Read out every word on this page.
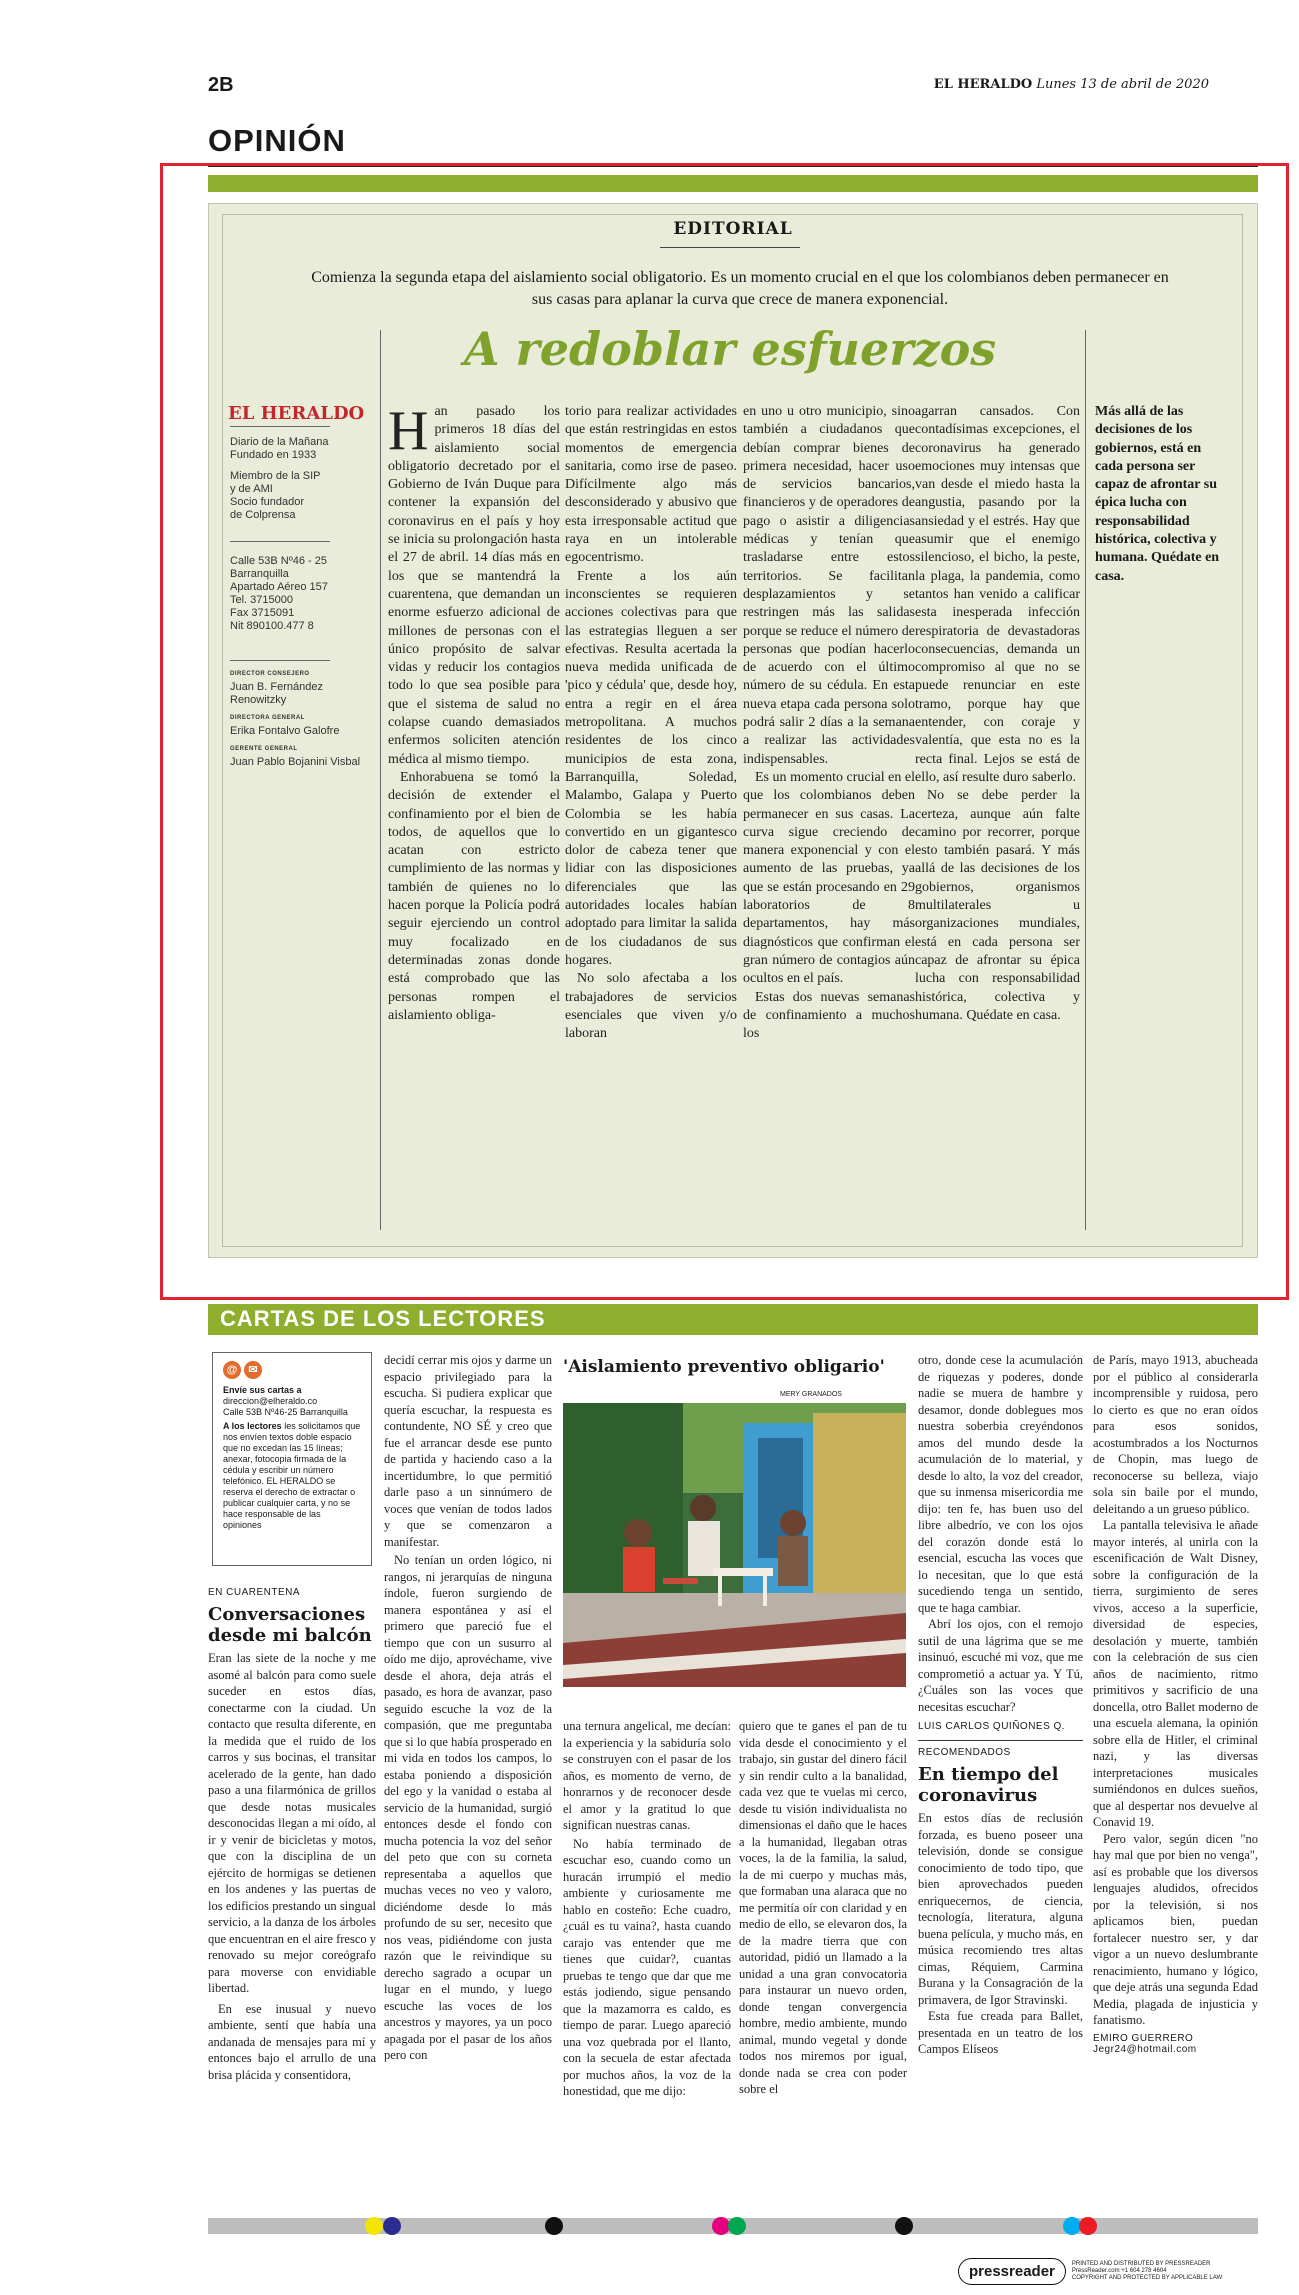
2B	EL HERALDO Lunes 13 de abril de 2020
OPINIÓN
EDITORIAL
Comienza la segunda etapa del aislamiento social obligatorio. Es un momento crucial en el que los colombianos deben permanecer en sus casas para aplanar la curva que crece de manera exponencial.
A redoblar esfuerzos
EL HERALDO
Diario de la Mañana
Fundado en 1933
Miembro de la SIP
y de AMI
Socio fundador
de Colprensa
Calle 53B Nº46 - 25
Barranquilla
Apartado Aéreo 157
Tel. 3715000
Fax 3715091
Nit 890100.477 8
DIRECTOR CONSEJERO
Juan B. Fernández Renowitzky
DIRECTORA GENERAL
Erika Fontalvo Galofre
GERENTE GENERAL
Juan Pablo Bojanini Visbal
Han pasado los primeros 18 días del aislamiento social obligatorio decretado por el Gobierno de Iván Duque para contener la expansión del coronavirus en el país y hoy se inicia su prolongación hasta el 27 de abril. 14 días más en los que se mantendrá la cuarentena, que demandan un enorme esfuerzo adicional de millones de personas con el único propósito de salvar vidas y reducir los contagios todo lo que sea posible para que el sistema de salud no colapse cuando demasiados enfermos soliciten atención médica al mismo tiempo.

Enhorabuena se tomó la decisión de extender el confinamiento por el bien de todos, de aquellos que lo acatan con estricto cumplimiento de las normas y también de quienes no lo hacen porque la Policía podrá seguir ejerciendo un control muy focalizado en determinadas zonas donde está comprobado que las personas rompen el aislamiento obliga-

torio para realizar actividades que están restringidas en estos momentos de emergencia sanitaria, como irse de paseo. Difícilmente algo más desconsiderado y abusivo que esta irresponsable actitud que raya en un intolerable egocentrismo.

Frente a los aún inconscientes se requieren acciones colectivas para que las estrategias lleguen a ser efectivas. Resulta acertada la nueva medida unificada de 'pico y cédula' que, desde hoy, entra a regir en el área metropolitana. A muchos residentes de los cinco municipios de esta zona, Barranquilla, Soledad, Malambo, Galapa y Puerto Colombia se les había convertido en un gigantesco dolor de cabeza tener que lidiar con las disposiciones diferenciales que las autoridades locales habían adoptado para limitar la salida de los ciudadanos de sus hogares.

No solo afectaba a los trabajadores de servicios esenciales que viven y/o laboran

en uno u otro municipio, sino también a ciudadanos que debían comprar bienes de primera necesidad, hacer uso de servicios bancarios, financieros y de operadores de pago o asistir a diligencias médicas y tenían que trasladarse entre estos territorios. Se facilitan desplazamientos y se restringen más las salidas porque se reduce el número de personas que podían hacerlo de acuerdo con el último número de su cédula. En esta nueva etapa cada persona solo podrá salir 2 días a la semana a realizar las actividades indispensables.

Es un momento crucial en el que los colombianos deben permanecer en sus casas. La curva sigue creciendo de manera exponencial y con el aumento de las pruebas, ya que se están procesando en 29 laboratorios de 8 departamentos, hay más diagnósticos que confirman el gran número de contagios aún ocultos en el país.

Estas dos nuevas semanas de confinamiento a muchos los

agarran cansados. Con contadísimas excepciones, el coronavirus ha generado emociones muy intensas que van desde el miedo hasta la angustia, pasando por la ansiedad y el estrés. Hay que asumir que el enemigo silencioso, el bicho, la peste, la plaga, la pandemia, como tantos han venido a calificar esta inesperada infección respiratoria de devastadoras consecuencias, demanda un compromiso al que no se puede renunciar en este tramo, porque hay que entender, con coraje y valentía, que esta no es la recta final. Lejos se está de ello, así resulte duro saberlo.

No se debe perder la certeza, aunque aún falte camino por recorrer, porque esto también pasará. Y más allá de las decisiones de los gobiernos, organismos multilaterales u organizaciones mundiales, está en cada persona ser capaz de afrontar su épica lucha con responsabilidad histórica, colectiva y humana. Quédate en casa.

Más allá de las decisiones de los gobiernos, está en cada persona ser capaz de afrontar su épica lucha con responsabilidad histórica, colectiva y humana. Quédate en casa.
CARTAS DE LOS LECTORES
@ ✉
Envíe sus cartas a
direccion@elheraldo.co
Calle 53B Nº46-25 Barranquilla
A los lectores les solicitamos que nos envíen textos doble espacio que no excedan las 15 líneas; anexar, fotocopia firmada de la cédula y escribir un número telefónico. EL HERALDO se reserva el derecho de extractar o publicar cualquier carta, y no se hace responsable de las opiniones
EN CUARENTENA
Conversaciones desde mi balcón

Eran las siete de la noche y me asomé al balcón para como suele suceder en estos días, conectarme con la ciudad. Un contacto que resulta diferente, en la medida que el ruido de los carros y sus bocinas, el transitar acelerado de la gente, han dado paso a una filarmónica de grillos que desde notas musicales desconocidas llegan a mi oído, al ir y venir de bicicletas y motos, que con la disciplina de un ejército de hormigas se detienen en los andenes y las puertas de los edificios prestando un singual servicio, a la danza de los árboles que encuentran en el aire fresco y renovado su mejor coreógrafo para moverse con envidiable libertad.

En ese inusual y nuevo ambiente, sentí que había una andanada de mensajes para mí y entonces bajo el arrullo de una brisa plácida y consentidora,

decidí cerrar mis ojos y darme un espacio privilegiado para la escucha. Si pudiera explicar que quería escuchar, la respuesta es contundente, NO SÉ y creo que fue el arrancar desde ese punto de partida y haciendo caso a la incertidumbre, lo que permitió darle paso a un sinnúmero de voces que venían de todos lados y que se comenzaron a manifestar.

No tenían un orden lógico, ni rangos, ni jerarquías de ninguna índole, fueron surgiendo de manera espontánea y así el primero que pareció fue el tiempo que con un susurro al oído me dijo, aprovéchame, vive desde el ahora, deja atrás el pasado, es hora de avanzar, paso seguido escuche la voz de la compasión, que me preguntaba que si lo que había prosperado en mi vida en todos los campos, lo estaba poniendo a disposición del ego y la vanidad o estaba al servicio de la humanidad, surgió entonces desde el fondo con mucha potencia la voz del señor del peto que con su corneta representaba a aquellos que muchas veces no veo y valoro, diciéndome desde lo más profundo de su ser, necesito que nos veas, pidiéndome con justa razón que le reivindique su derecho sagrado a ocupar un lugar en el mundo, y luego escuche las voces de los ancestros y mayores, ya un poco apagada por el pasar de los años pero con

'Aislamiento preventivo obligario'
MERY GRANADOS

una ternura angelical, me decían: la experiencia y la sabiduría solo se construyen con el pasar de los años, es momento de verno, de honrarnos y de reconocer desde el amor y la gratitud lo que significan nuestras canas.

No había terminado de escuchar eso, cuando como un huracán irrumpió el medio ambiente y curiosamente me hablo en costeño: Eche cuadro, ¿cuál es tu vaina?, hasta cuando carajo vas entender que me tienes que cuidar?, cuantas pruebas te tengo que dar que me estás jodiendo, sigue pensando que la mazamorra es caldo, es tiempo de parar. Luego apareció una voz quebrada por el llanto, con la secuela de estar afectada por muchos años, la voz de la honestidad, que me dijo:

quiero que te ganes el pan de tu vida desde el conocimiento y el trabajo, sin gustar del dinero fácil y sin rendir culto a la banalidad, cada vez que te vuelas mi cerco, desde tu visión individualista no dimensionas el daño que le haces a la humanidad, llegaban otras voces, la de la familia, la salud, la de mi cuerpo y muchas más, que formaban una alaraca que no me permitía oír con claridad y en medio de ello, se elevaron dos, la de la madre tierra que con autoridad, pidió un llamado a la unidad a una gran convocatoria para instaurar un nuevo orden, donde tengan convergencia hombre, medio ambiente, mundo animal, mundo vegetal y donde todos nos miremos por igual, donde nada se crea con poder sobre el

otro, donde cese la acumulación de riquezas y poderes, donde nadie se muera de hambre y desamor, donde doblegues mos nuestra soberbia creyéndonos amos del mundo desde la acumulación de lo material, y desde lo alto, la voz del creador, que su inmensa misericordia me dijo: ten fe, has buen uso del libre albedrío, ve con los ojos del corazón donde está lo esencial, escucha las voces que lo necesitan, que lo que está sucediendo tenga un sentido, que te haga cambiar.

Abrí los ojos, con el remojo sutil de una lágrima que se me insinuó, escuché mi voz, que me comprometió a actuar ya. Y Tú, ¿Cuáles son las voces que necesitas escuchar?

LUIS CARLOS QUIÑONES Q.
RECOMENDADOS
En tiempo del coronavirus

En estos días de reclusión forzada, es bueno poseer una televisión, donde se consigue conocimiento de todo tipo, que bien aprovechados pueden enriquecernos, de ciencia, tecnología, literatura, alguna buena película, y mucho más, en música recomiendo tres altas cimas, Réquiem, Carmina Burana y la Consagración de la primavera, de Igor Stravinski.

Esta fue creada para Ballet, presentada en un teatro de los Campos Elíseos

de París, mayo 1913, abucheada por el público al considerarla incomprensible y ruidosa, pero lo cierto es que no eran oídos para esos sonidos, acostumbrados a los Nocturnos de Chopin, mas luego de reconocerse su belleza, viajo sola sin baile por el mundo, deleitando a un grueso público.

La pantalla televisiva le añade mayor interés, al unirla con la escenificación de Walt Disney, sobre la configuración de la tierra, surgimiento de seres vivos, acceso a la superficie, diversidad de especies, desolación y muerte, también con la celebración de sus cien años de nacimiento, ritmo primitivos y sacrificio de una doncella, otro Ballet moderno de una escuela alemana, la opinión sobre ella de Hitler, el criminal nazi, y las diversas interpretaciones musicales sumiéndonos en dulces sueños, que al despertar nos devuelve al Conavid 19.

Pero valor, según dicen "no hay mal que por bien no venga", así es probable que los diversos lenguajes aludidos, ofrecidos por la televisión, si nos aplicamos bien, puedan fortalecer nuestro ser, y dar vigor a un nuevo deslumbrante renacimiento, humano y lógico, que deje atrás una segunda Edad Media, plagada de injusticia y fanatismo.

EMIRO GUERRERO
Jegr24@hotmail.com
pressreader	PRINTED AND DISTRIBUTED BY PRESSREADER
PressReader.com +1 604 278 4604
COPYRIGHT AND PROTECTED BY APPLICABLE LAW
